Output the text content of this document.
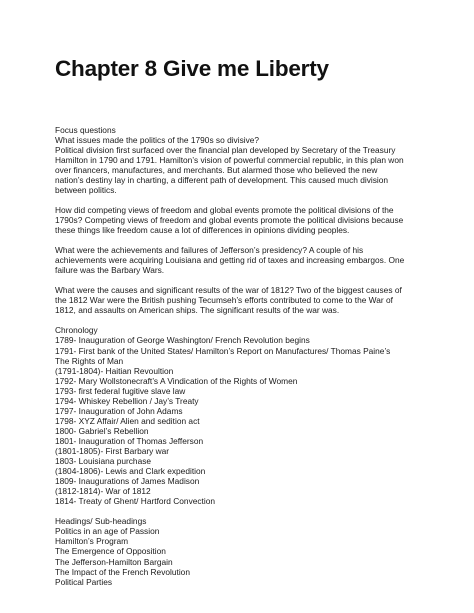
Chapter 8 Give me Liberty
Focus questions
What issues made the politics of the 1790s so divisive?
Political division first surfaced over the financial plan developed by Secretary of the Treasury
Hamilton in 1790 and 1791. Hamilton’s vision of powerful commercial republic, in this plan won
over financers, manufactures, and merchants. But alarmed those who believed the new
nation’s destiny lay in charting, a different path of development. This caused much division
between politics.
How did competing views of freedom and global events promote the political divisions of the
1790s? Competing views of freedom and global events promote the political divisions because
these things like freedom cause a lot of differences in opinions dividing peoples.
What were the achievements and failures of Jefferson’s presidency? A couple of his
achievements were acquiring Louisiana and getting rid of taxes and increasing embargos. One
failure was the Barbary Wars.
What were the causes and significant results of the war of 1812? Two of the biggest causes of
the 1812 War were the British pushing Tecumseh’s efforts contributed to come to the War of
1812, and assaults on American ships. The significant results of the war was.
Chronology
1789- Inauguration of George Washington/ French Revolution begins
1791- First bank of the United States/ Hamilton’s Report on Manufactures/ Thomas Paine’s
The Rights of Man
(1791-1804)- Haitian Revoultion
1792- Mary Wollstonecraft’s A Vindication of the Rights of Women
1793- first federal fugitive slave law
1794- Whiskey Rebellion / Jay’s Treaty
1797- Inauguration of John Adams
1798- XYZ Affair/ Alien and sedition act
1800- Gabriel’s Rebellion
1801- Inauguration of Thomas Jefferson
(1801-1805)- First Barbary war
1803- Louisiana purchase
(1804-1806)- Lewis and Clark expedition
1809- Inaugurations of James Madison
(1812-1814)- War of 1812
1814- Treaty of Ghent/ Hartford Convection
Headings/ Sub-headings
Politics in an age of Passion
Hamilton’s Program
The Emergence of Opposition
The Jefferson-Hamilton Bargain
The Impact of the French Revolution
Political Parties
